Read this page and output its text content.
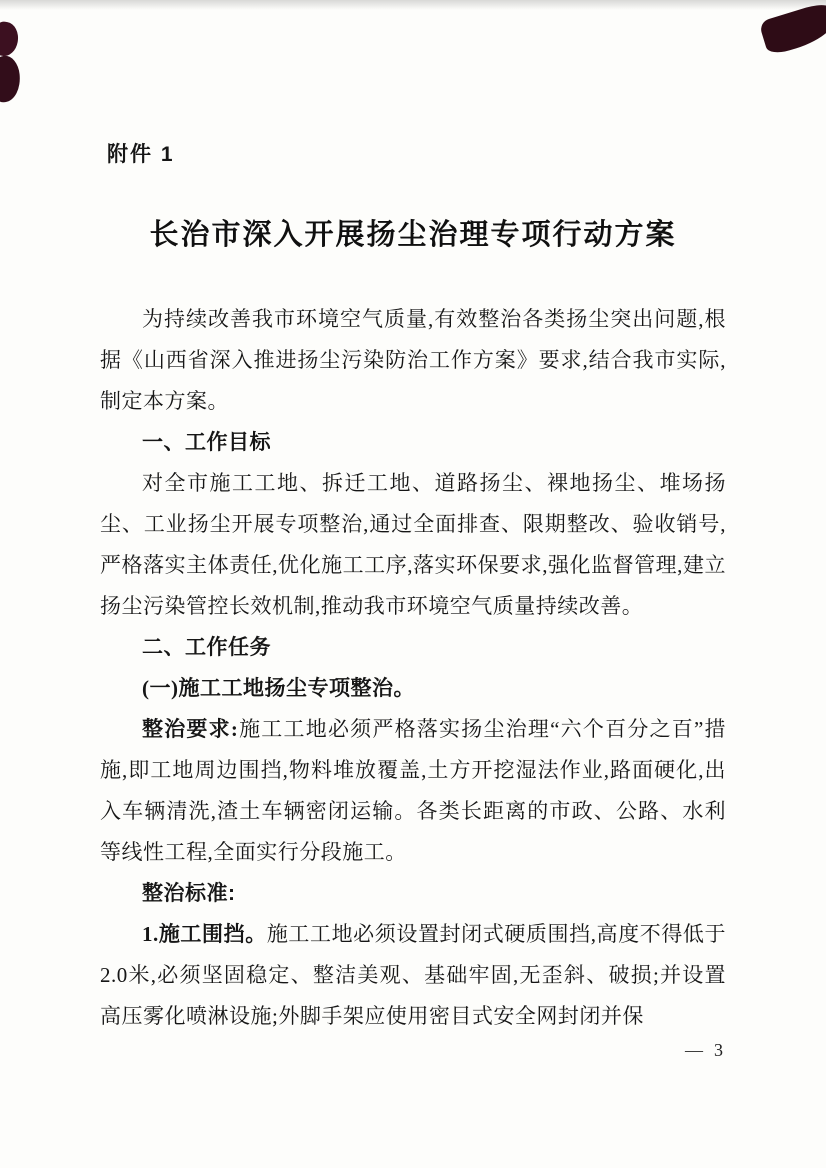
附件 1
长治市深入开展扬尘治理专项行动方案

为持续改善我市环境空气质量,有效整治各类扬尘突出问题,根据《山西省深入推进扬尘污染防治工作方案》要求,结合我市实际,制定本方案。

一、工作目标

对全市施工工地、拆迁工地、道路扬尘、裸地扬尘、堆场扬尘、工业扬尘开展专项整治,通过全面排查、限期整改、验收销号,严格落实主体责任,优化施工工序,落实环保要求,强化监督管理,建立扬尘污染管控长效机制,推动我市环境空气质量持续改善。

二、工作任务

(一)施工工地扬尘专项整治。

整治要求:施工工地必须严格落实扬尘治理“六个百分之百”措施,即工地周边围挡,物料堆放覆盖,土方开挖湿法作业,路面硬化,出入车辆清洗,渣土车辆密闭运输。各类长距离的市政、公路、水利等线性工程,全面实行分段施工。

整治标准:

1.施工围挡。施工工地必须设置封闭式硬质围挡,高度不得低于2.0米,必须坚固稳定、整洁美观、基础牢固,无歪斜、破损;并设置高压雾化喷淋设施;外脚手架应使用密目式安全网封闭并保

— 3
